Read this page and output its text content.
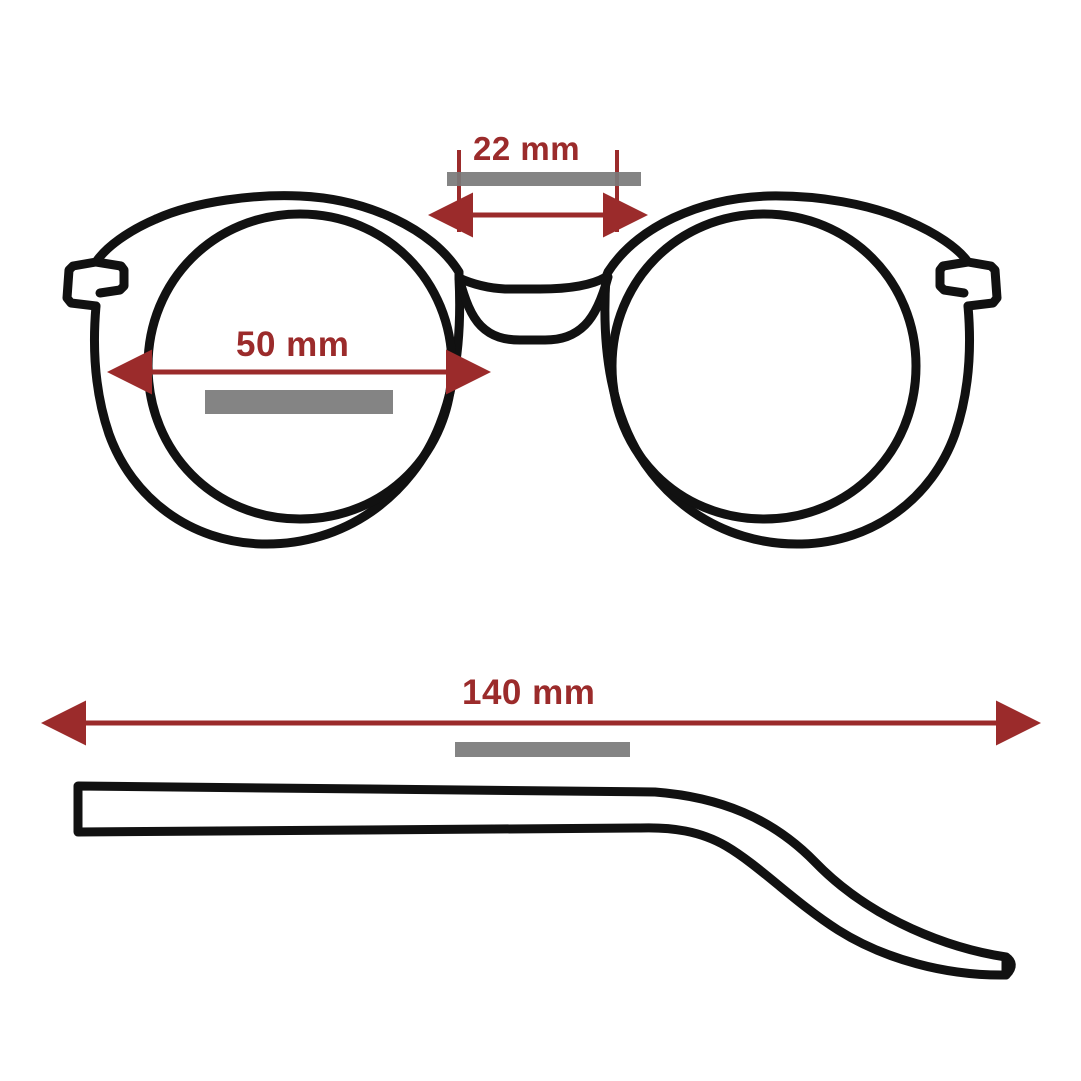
22 mm
50 mm
140 mm
